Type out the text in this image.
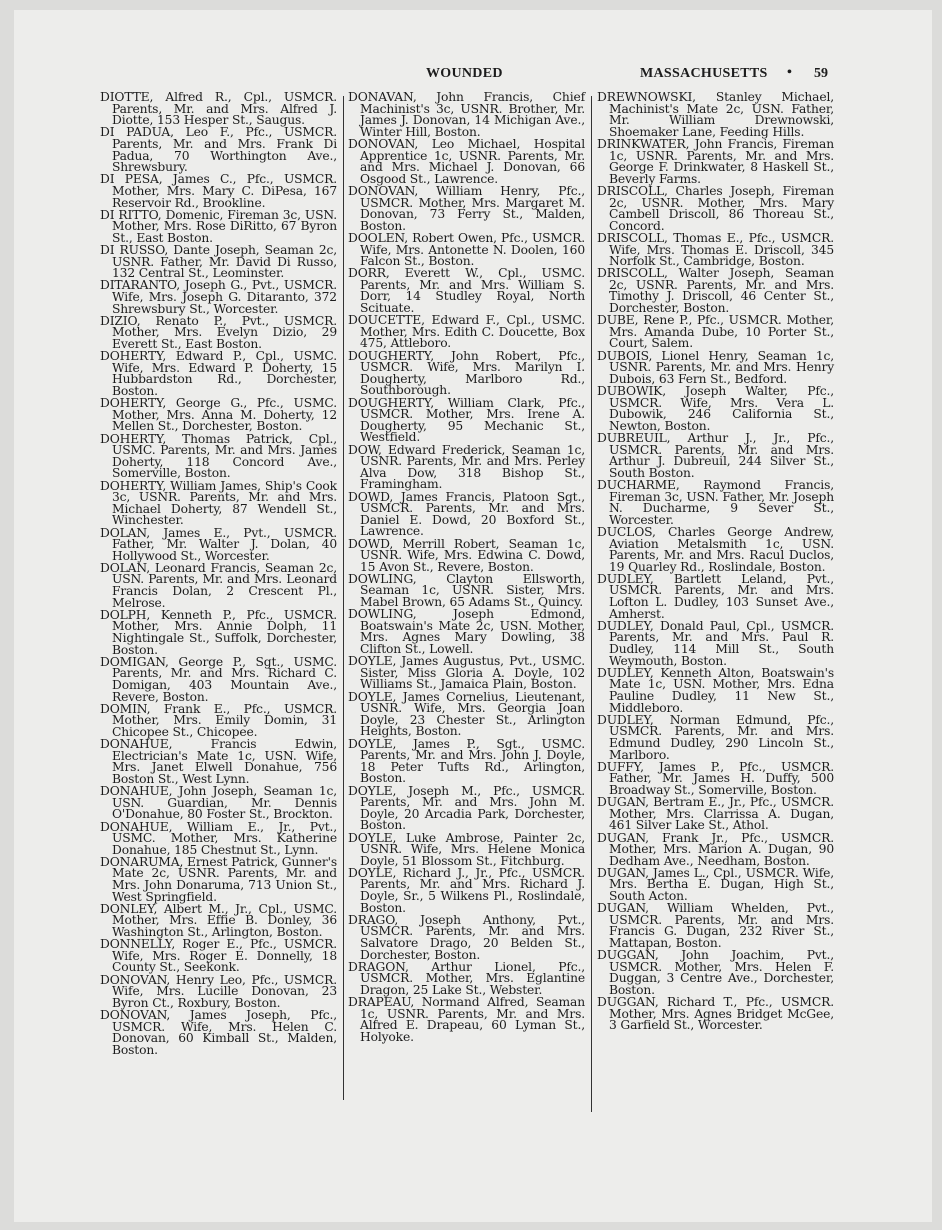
WOUNDED	MASSACHUSETTS • 59
DIOTTE, Alfred R., Cpl., USMCR. Parents, Mr. and Mrs. Alfred J. Diotte, 153 Hesper St., Saugus.
DI PADUA, Leo F., Pfc., USMCR. Parents, Mr. and Mrs. Frank Di Padua, 70 Worthington Ave., Shrewsbury.
DI PESA, James C., Pfc., USMCR. Mother, Mrs. Mary C. DiPesa, 167 Reservoir Rd., Brookline.
DI RITTO, Domenic, Fireman 3c, USN. Mother, Mrs. Rose DiRitto, 67 Byron St., East Boston.
DI RUSSO, Dante Joseph, Seaman 2c, USNR. Father, Mr. David Di Russo, 132 Central St., Leominster.
DITARANTO, Joseph G., Pvt., USMCR. Wife, Mrs. Joseph G. Ditaranto, 372 Shrewsbury St., Worcester.
DIZIO, Renato P., Pvt., USMCR. Mother, Mrs. Evelyn Dizio, 29 Everett St., East Boston.
DOHERTY, Edward P., Cpl., USMC. Wife, Mrs. Edward P. Doherty, 15 Hubbardston Rd., Dorchester, Boston.
DOHERTY, George G., Pfc., USMC. Mother, Mrs. Anna M. Doherty, 12 Mellen St., Dorchester, Boston.
DOHERTY, Thomas Patrick, Cpl., USMC. Parents, Mr. and Mrs. James Doherty, 118 Concord Ave., Somerville, Boston.
DOHERTY, William James, Ship's Cook 3c, USNR. Parents, Mr. and Mrs. Michael Doherty, 87 Wendell St., Winchester.
DOLAN, James E., Pvt., USMCR. Father, Mr. Walter J. Dolan, 40 Hollywood St., Worcester.
DOLAN, Leonard Francis, Seaman 2c, USN. Parents, Mr. and Mrs. Leonard Francis Dolan, 2 Crescent Pl., Melrose.
DOLPH, Kenneth P., Pfc., USMCR. Mother, Mrs. Annie Dolph, 11 Nightingale St., Suffolk, Dorchester, Boston.
DOMIGAN, George P., Sgt., USMC. Parents, Mr. and Mrs. Richard C. Domigan, 403 Mountain Ave., Revere, Boston.
DOMIN, Frank E., Pfc., USMCR. Mother, Mrs. Emily Domin, 31 Chicopee St., Chicopee.
DONAHUE, Francis Edwin, Electrician's Mate 1c, USN. Wife, Mrs. Janet Elwell Donahue, 756 Boston St., West Lynn.
DONAHUE, John Joseph, Seaman 1c, USN. Guardian, Mr. Dennis O'Donahue, 80 Foster St., Brockton.
DONAHUE, William E., Jr., Pvt., USMC. Mother, Mrs. Katherine Donahue, 185 Chestnut St., Lynn.
DONARUMA, Ernest Patrick, Gunner's Mate 2c, USNR. Parents, Mr. and Mrs. John Donaruma, 713 Union St., West Springfield.
DONLEY, Albert M., Jr., Cpl., USMC. Mother, Mrs. Effie B. Donley, 36 Washington St., Arlington, Boston.
DONNELLY, Roger E., Pfc., USMCR. Wife, Mrs. Roger E. Donnelly, 18 County St., Seekonk.
DONOVAN, Henry Leo, Pfc., USMCR. Wife, Mrs. Lucille Donovan, 23 Byron Ct., Roxbury, Boston.
DONOVAN, James Joseph, Pfc., USMCR. Wife, Mrs. Helen C. Donovan, 60 Kimball St., Malden, Boston.
DONAVAN, John Francis, Chief Machinist's 3c, USNR. Brother, Mr. James J. Donovan, 14 Michigan Ave., Winter Hill, Boston.
DONOVAN, Leo Michael, Hospital Apprentice 1c, USNR. Parents, Mr. and Mrs. Michael J. Donovan, 66 Osgood St., Lawrence.
DONOVAN, William Henry, Pfc., USMCR. Mother, Mrs. Margaret M. Donovan, 73 Ferry St., Malden, Boston.
DOOLEN, Robert Owen, Pfc., USMCR. Wife, Mrs. Antonette N. Doolen, 160 Falcon St., Boston.
DORR, Everett W., Cpl., USMC. Parents, Mr. and Mrs. William S. Dorr, 14 Studley Royal, North Scituate.
DOUCETTE, Edward F., Cpl., USMC. Mother, Mrs. Edith C. Doucette, Box 475, Attleboro.
DOUGHERTY, John Robert, Pfc., USMCR. Wife, Mrs. Marilyn I. Dougherty, Marlboro Rd., Southborough.
DOUGHERTY, William Clark, Pfc., USMCR. Mother, Mrs. Irene A. Dougherty, 95 Mechanic St., Westfield.
DOW, Edward Frederick, Seaman 1c, USNR. Parents, Mr. and Mrs. Perley Alva Dow, 318 Bishop St., Framingham.
DOWD, James Francis, Platoon Sgt., USMCR. Parents, Mr. and Mrs. Daniel E. Dowd, 20 Boxford St., Lawrence.
DOWD, Merrill Robert, Seaman 1c, USNR. Wife, Mrs. Edwina C. Dowd, 15 Avon St., Revere, Boston.
DOWLING, Clayton Ellsworth, Seaman 1c, USNR. Sister, Mrs. Mabel Brown, 65 Adams St., Quincy.
DOWLING, Joseph Edmond, Boatswain's Mate 2c, USN. Mother, Mrs. Agnes Mary Dowling, 38 Clifton St., Lowell.
DOYLE, James Augustus, Pvt., USMC. Sister, Miss Gloria A. Doyle, 102 Williams St., Jamaica Plain, Boston.
DOYLE, James Cornelius, Lieutenant, USNR. Wife, Mrs. Georgia Joan Doyle, 23 Chester St., Arlington Heights, Boston.
DOYLE, James P., Sgt., USMC. Parents, Mr. and Mrs. John J. Doyle, 18 Peter Tufts Rd., Arlington, Boston.
DOYLE, Joseph M., Pfc., USMCR. Parents, Mr. and Mrs. John M. Doyle, 20 Arcadia Park, Dorchester, Boston.
DOYLE, Luke Ambrose, Painter 2c, USNR. Wife, Mrs. Helene Monica Doyle, 51 Blossom St., Fitchburg.
DOYLE, Richard J., Jr., Pfc., USMCR. Parents, Mr. and Mrs. Richard J. Doyle, Sr., 5 Wilkens Pl., Roslindale, Boston.
DRAGO, Joseph Anthony, Pvt., USMCR. Parents, Mr. and Mrs. Salvatore Drago, 20 Belden St., Dorchester, Boston.
DRAGON, Arthur Lionel, Pfc., USMCR. Mother, Mrs. Eglantine Dragon, 25 Lake St., Webster.
DRAPEAU, Normand Alfred, Seaman 1c, USNR. Parents, Mr. and Mrs. Alfred E. Drapeau, 60 Lyman St., Holyoke.
DREWNOWSKI, Stanley Michael, Machinist's Mate 2c, USN. Father, Mr. William Drewnowski, Shoemaker Lane, Feeding Hills.
DRINKWATER, John Francis, Fireman 1c, USNR. Parents, Mr. and Mrs. George F. Drinkwater, 8 Haskell St., Beverly Farms.
DRISCOLL, Charles Joseph, Fireman 2c, USNR. Mother, Mrs. Mary Cambell Driscoll, 86 Thoreau St., Concord.
DRISCOLL, Thomas E., Pfc., USMCR. Wife, Mrs. Thomas E. Driscoll, 345 Norfolk St., Cambridge, Boston.
DRISCOLL, Walter Joseph, Seaman 2c, USNR. Parents, Mr. and Mrs. Timothy J. Driscoll, 46 Center St., Dorchester, Boston.
DUBE, Rene P., Pfc., USMCR. Mother, Mrs. Amanda Dube, 10 Porter St., Court, Salem.
DUBOIS, Lionel Henry, Seaman 1c, USNR. Parents, Mr. and Mrs. Henry Dubois, 63 Fern St., Bedford.
DUBOWIK, Joseph Walter, Pfc., USMCR. Wife, Mrs. Vera L. Dubowik, 246 California St., Newton, Boston.
DUBREUIL, Arthur J., Jr., Pfc., USMCR. Parents, Mr. and Mrs. Arthur J. Dubreuil, 244 Silver St., South Boston.
DUCHARME, Raymond Francis, Fireman 3c, USN. Father, Mr. Joseph N. Ducharme, 9 Sever St., Worcester.
DUCLOS, Charles George Andrew, Aviation Metalsmith 1c, USN. Parents, Mr. and Mrs. Racul Duclos, 19 Quarley Rd., Roslindale, Boston.
DUDLEY, Bartlett Leland, Pvt., USMCR. Parents, Mr. and Mrs. Lofton L. Dudley, 103 Sunset Ave., Amherst.
DUDLEY, Donald Paul, Cpl., USMCR. Parents, Mr. and Mrs. Paul R. Dudley, 114 Mill St., South Weymouth, Boston.
DUDLEY, Kenneth Alton, Boatswain's Mate 1c, USN. Mother, Mrs. Edna Pauline Dudley, 11 New St., Middleboro.
DUDLEY, Norman Edmund, Pfc., USMCR. Parents, Mr. and Mrs. Edmund Dudley, 290 Lincoln St., Marlboro.
DUFFY, James P., Pfc., USMCR. Father, Mr. James H. Duffy, 500 Broadway St., Somerville, Boston.
DUGAN, Bertram E., Jr., Pfc., USMCR. Mother, Mrs. Clarrissa A. Dugan, 461 Silver Lake St., Athol.
DUGAN, Frank Jr., Pfc., USMCR. Mother, Mrs. Marion A. Dugan, 90 Dedham Ave., Needham, Boston.
DUGAN, James L., Cpl., USMCR. Wife, Mrs. Bertha E. Dugan, High St., South Acton.
DUGAN, William Whelden, Pvt., USMCR. Parents, Mr. and Mrs. Francis G. Dugan, 232 River St., Mattapan, Boston.
DUGGAN, John Joachim, Pvt., USMCR. Mother, Mrs. Helen F. Duggan, 3 Centre Ave., Dorchester, Boston.
DUGGAN, Richard T., Pfc., USMCR. Mother, Mrs. Agnes Bridget McGee, 3 Garfield St., Worcester.
